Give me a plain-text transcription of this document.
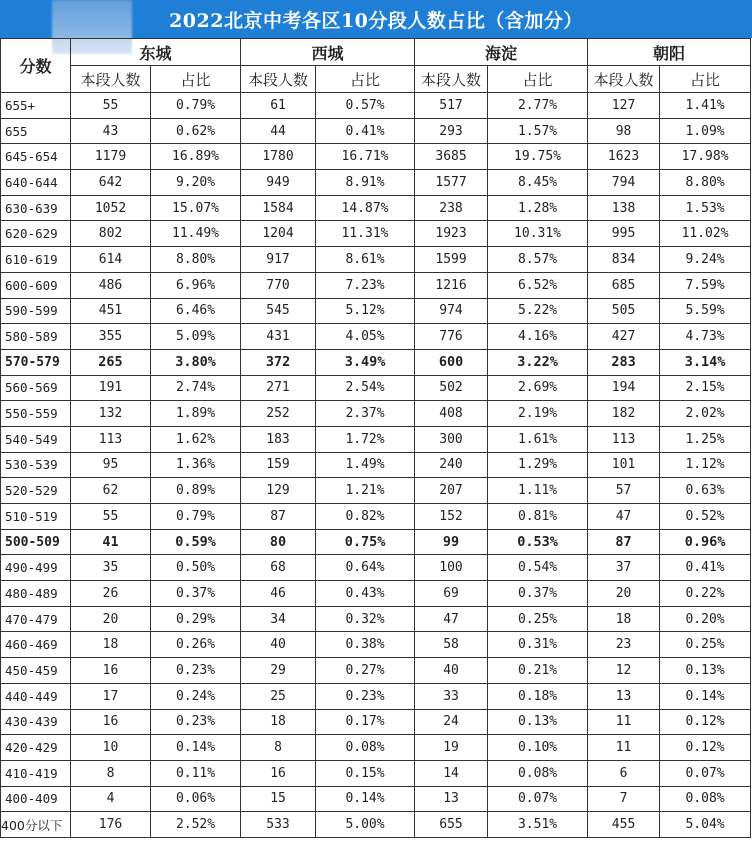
2022北京中考各区10分段人数占比（含加分）
分数	东城		西城		海淀		朝阳	
	本段人数	占比	本段人数	占比	本段人数	占比	本段人数	占比
655+	55	0.79%	61	0.57%	517	2.77%	127	1.41%
655	43	0.62%	44	0.41%	293	1.57%	98	1.09%
645-654	1179	16.89%	1780	16.71%	3685	19.75%	1623	17.98%
640-644	642	9.20%	949	8.91%	1577	8.45%	794	8.80%
630-639	1052	15.07%	1584	14.87%	238	1.28%	138	1.53%
620-629	802	11.49%	1204	11.31%	1923	10.31%	995	11.02%
610-619	614	8.80%	917	8.61%	1599	8.57%	834	9.24%
600-609	486	6.96%	770	7.23%	1216	6.52%	685	7.59%
590-599	451	6.46%	545	5.12%	974	5.22%	505	5.59%
580-589	355	5.09%	431	4.05%	776	4.16%	427	4.73%
570-579	265	3.80%	372	3.49%	600	3.22%	283	3.14%
560-569	191	2.74%	271	2.54%	502	2.69%	194	2.15%
550-559	132	1.89%	252	2.37%	408	2.19%	182	2.02%
540-549	113	1.62%	183	1.72%	300	1.61%	113	1.25%
530-539	95	1.36%	159	1.49%	240	1.29%	101	1.12%
520-529	62	0.89%	129	1.21%	207	1.11%	57	0.63%
510-519	55	0.79%	87	0.82%	152	0.81%	47	0.52%
500-509	41	0.59%	80	0.75%	99	0.53%	87	0.96%
490-499	35	0.50%	68	0.64%	100	0.54%	37	0.41%
480-489	26	0.37%	46	0.43%	69	0.37%	20	0.22%
470-479	20	0.29%	34	0.32%	47	0.25%	18	0.20%
460-469	18	0.26%	40	0.38%	58	0.31%	23	0.25%
450-459	16	0.23%	29	0.27%	40	0.21%	12	0.13%
440-449	17	0.24%	25	0.23%	33	0.18%	13	0.14%
430-439	16	0.23%	18	0.17%	24	0.13%	11	0.12%
420-429	10	0.14%	8	0.08%	19	0.10%	11	0.12%
410-419	8	0.11%	16	0.15%	14	0.08%	6	0.07%
400-409	4	0.06%	15	0.14%	13	0.07%	7	0.08%
400分以下	176	2.52%	533	5.00%	655	3.51%	455	5.04%
